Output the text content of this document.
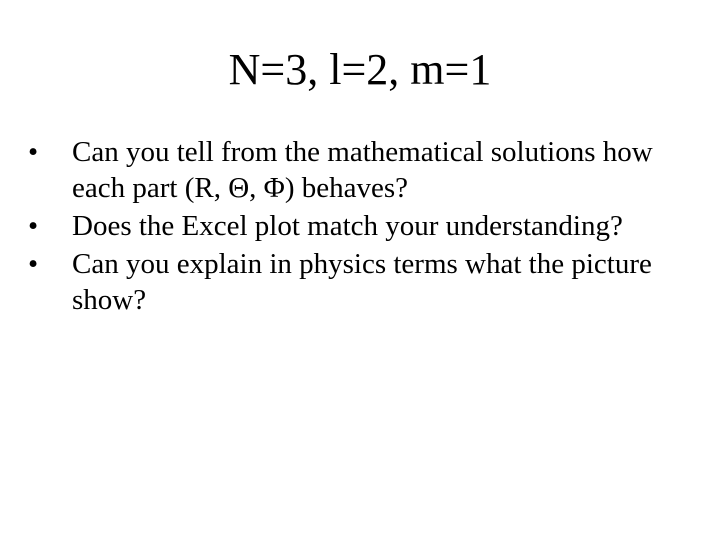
N=3, l=2, m=1
•	Can you tell from the mathematical solutions how each part (R, Θ, Φ) behaves?
•	Does the Excel plot match your understanding?
•	Can you explain in physics terms what the picture show?
